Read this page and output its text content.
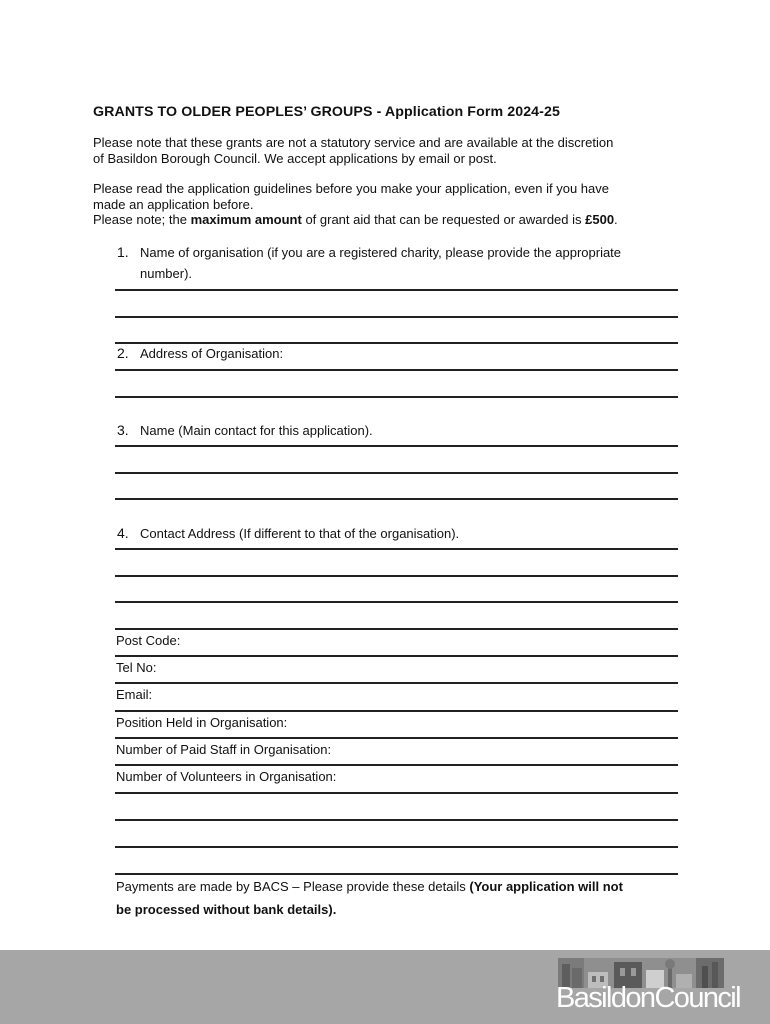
GRANTS TO OLDER PEOPLES’ GROUPS - Application Form 2024-25
Please note that these grants are not a statutory service and are available at the discretion
of Basildon Borough Council. We accept applications by email or post.
Please read the application guidelines before you make your application, even if you have
made an application before.
Please note; the maximum amount of grant aid that can be requested or awarded is £500.
1. Name of organisation (if you are a registered charity, please provide the appropriate
number).
2. Address of Organisation:
3. Name (Main contact for this application).
4. Contact Address (If different to that of the organisation).
Post Code:
Tel No:
Email:
Position Held in Organisation:
Number of Paid Staff in Organisation:
Number of Volunteers in Organisation:
Payments are made by BACS – Please provide these details (Your application will not
be processed without bank details).
BasildonCouncil
